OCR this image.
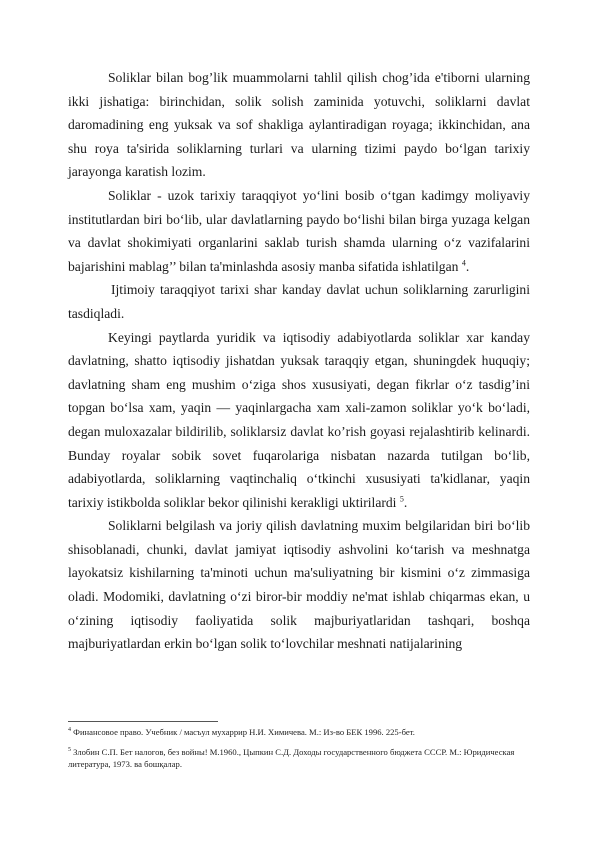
Soliklar bilan bog’lik muammolarni tahlil qilish chog’ida e'tiborni ularning ikki jishatiga: birinchidan, solik solish zaminida yotuvchi, soliklarni davlat daromadining eng yuksak va sof shakliga aylantiradigan royaga; ikkinchidan, ana shu roya ta'sirida soliklarning turlari va ularning tizimi paydo bo‘lgan tarixiy jarayonga karatish lozim.

Soliklar - uzok tarixiy taraqqiyot yo‘lini bosib o‘tgan kadimgy moliyaviy institutlardan biri bo‘lib, ular davlatlarning paydo bo‘lishi bilan birga yuzaga kelgan va davlat shokimiyati organlarini saklab turish shamda ularning o‘z vazifalarini bajarishini mablag’’ bilan ta'minlashda asosiy manba sifatida ishlatilgan $^4$.

Ijtimoiy taraqqiyot tarixi shar kanday davlat uchun soliklarning zarurligini tasdiqladi.

Keyingi paytlarda yuridik va iqtisodiy adabiyotlarda soliklar xar kanday davlatning, shatto iqtisodiy jishatdan yuksak taraqqiy etgan, shuningdek huquqiy; davlatning sham eng mushim o‘ziga shos xususiyati, degan fikrlar o‘z tasdig’ini topgan bo‘lsa xam, yaqin — yaqinlargacha xam xali-zamon soliklar yo‘k bo‘ladi, degan muloxazalar bildirilib, soliklarsiz davlat ko’rish goyasi rejalashtirib kelinardi. Bunday royalar sobik sovet fuqarolariga nisbatan nazarda tutilgan bo‘lib, adabiyotlarda, soliklarning vaqtinchaliq o‘tkinchi xususiyati ta'kidlanar, yaqin tarixiy istikbolda soliklar bekor qilinishi kerakligi uktirilardi $^5$.

Soliklarni belgilash va joriy qilish davlatning muxim belgilaridan biri bo‘lib shisoblanadi, chunki, davlat jamiyat iqtisodiy ashvolini ko‘tarish va meshnatga layokatsiz kishilarning ta'minoti uchun ma'suliyatning bir kismini o‘z zimmasiga oladi. Modomiki, davlatning o‘zi biror-bir moddiy ne'mat ishlab chiqarmas ekan, u o‘zining iqtisodiy faoliyatida solik majburiyatlaridan tashqari, boshqa majburiyatlardan erkin bo‘lgan solik to‘lovchilar meshnati natijalarining

$^4$ Финансовое право. Учебник / масъул мухаррир Н.И. Химичева. М.: Из-во БЕК 1996. 225-бет.

$^5$ Злобин С.П. Бет налогов, без войны! М.1960., Цыпкин С.Д. Доходы государственного бюджета СССР. М.: Юридическая литература, 1973. ва бошқалар.
